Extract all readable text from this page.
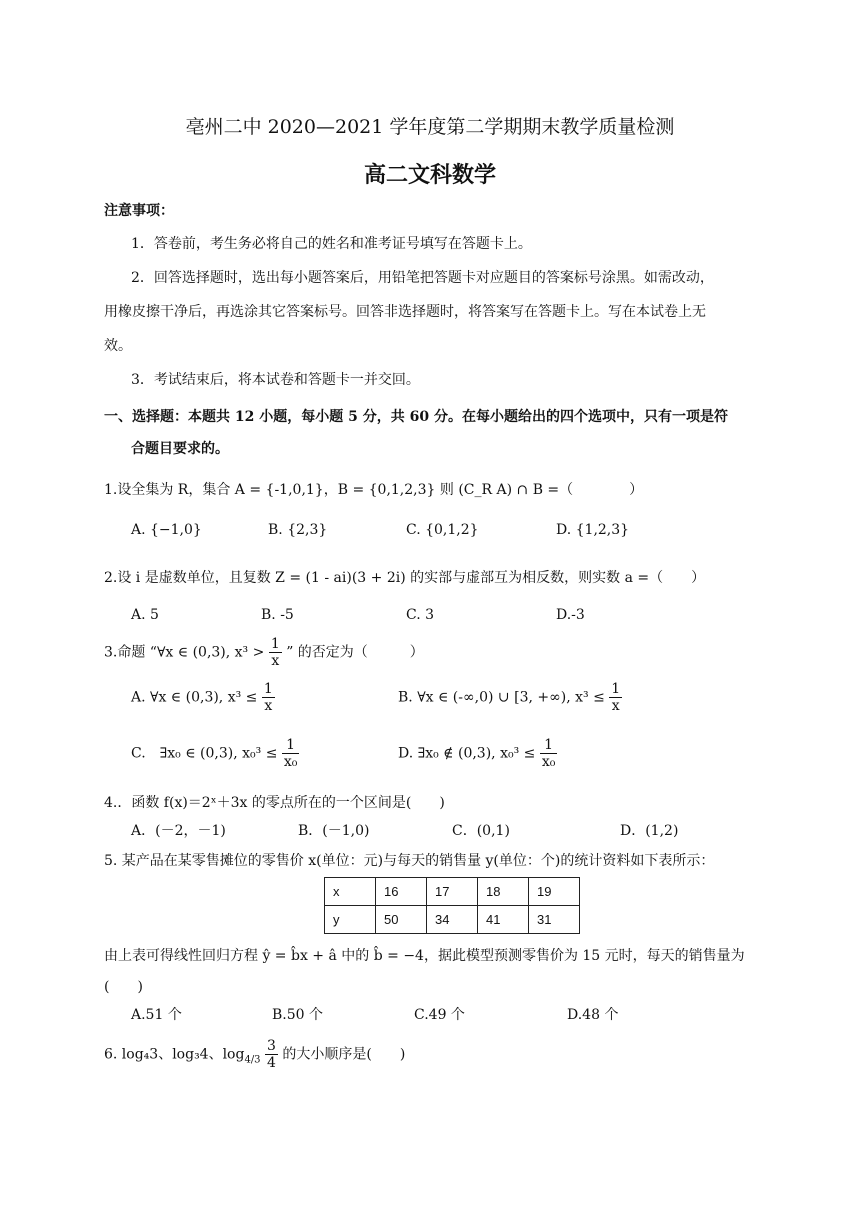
亳州二中 2020—2021 学年度第二学期期末教学质量检测
高二文科数学
注意事项：
1．答卷前，考生务必将自己的姓名和准考证号填写在答题卡上。
2．回答选择题时，选出每小题答案后，用铅笔把答题卡对应题目的答案标号涂黑。如需改动，
用橡皮擦干净后，再选涂其它答案标号。回答非选择题时，将答案写在答题卡上。写在本试卷上无
效。
3．考试结束后，将本试卷和答题卡一并交回。
一、选择题：本题共 12 小题，每小题 5 分，共 60 分。在每小题给出的四个选项中，只有一项是符
合题目要求的。
1.设全集为 R，集合 A = {-1,0,1}，B = {0,1,2,3} 则 (C_R A) ∩ B =（　　　　）
A. {−1,0}	B. {2,3}	C. {0,1,2}	D. {1,2,3}
2.设 i 是虚数单位，且复数 Z = (1 - ai)(3 + 2i) 的实部与虚部互为相反数，则实数 a =（　　）
A. 5	B. -5	C. 3	D.-3
3.命题 “∀x ∈ (0,3), $x^3 > \frac{1}{x}$ ” 的否定为（　　　）
A. ∀x ∈ (0,3), $x^3 \le \frac{1}{x}$	B. ∀x ∈ (-∞,0) ∪ [3, +∞), $x^3 \le \frac{1}{x}$
C.　∃x₀ ∈ (0,3), $x_0^3 \le \frac{1}{\text{x₀}}$	D. ∃x₀ ∉ (0,3), $x_0^3 \le \frac{1}{\text{x₀}}$
4.．函数 f(x)＝2ˣ＋3x 的零点所在的一个区间是(　　)
A．(－2，－1)	B．(－1,0)	C．(0,1)	D．(1,2)
5. 某产品在某零售摊位的零售价 x(单位：元)与每天的销售量 y(单位：个)的统计资料如下表所示：
x	16	17	18	19
y	50	34	41	31
由上表可得线性回归方程 ŷ = b̂x + â 中的 b̂ = −4，据此模型预测零售价为 15 元时，每天的销售量为
(　　)
A.51 个	B.50 个	C.49 个	D.48 个
6. log₄3、log₃4、$\log_{4/3} \frac{3}{4}$ 的大小顺序是(　　)
